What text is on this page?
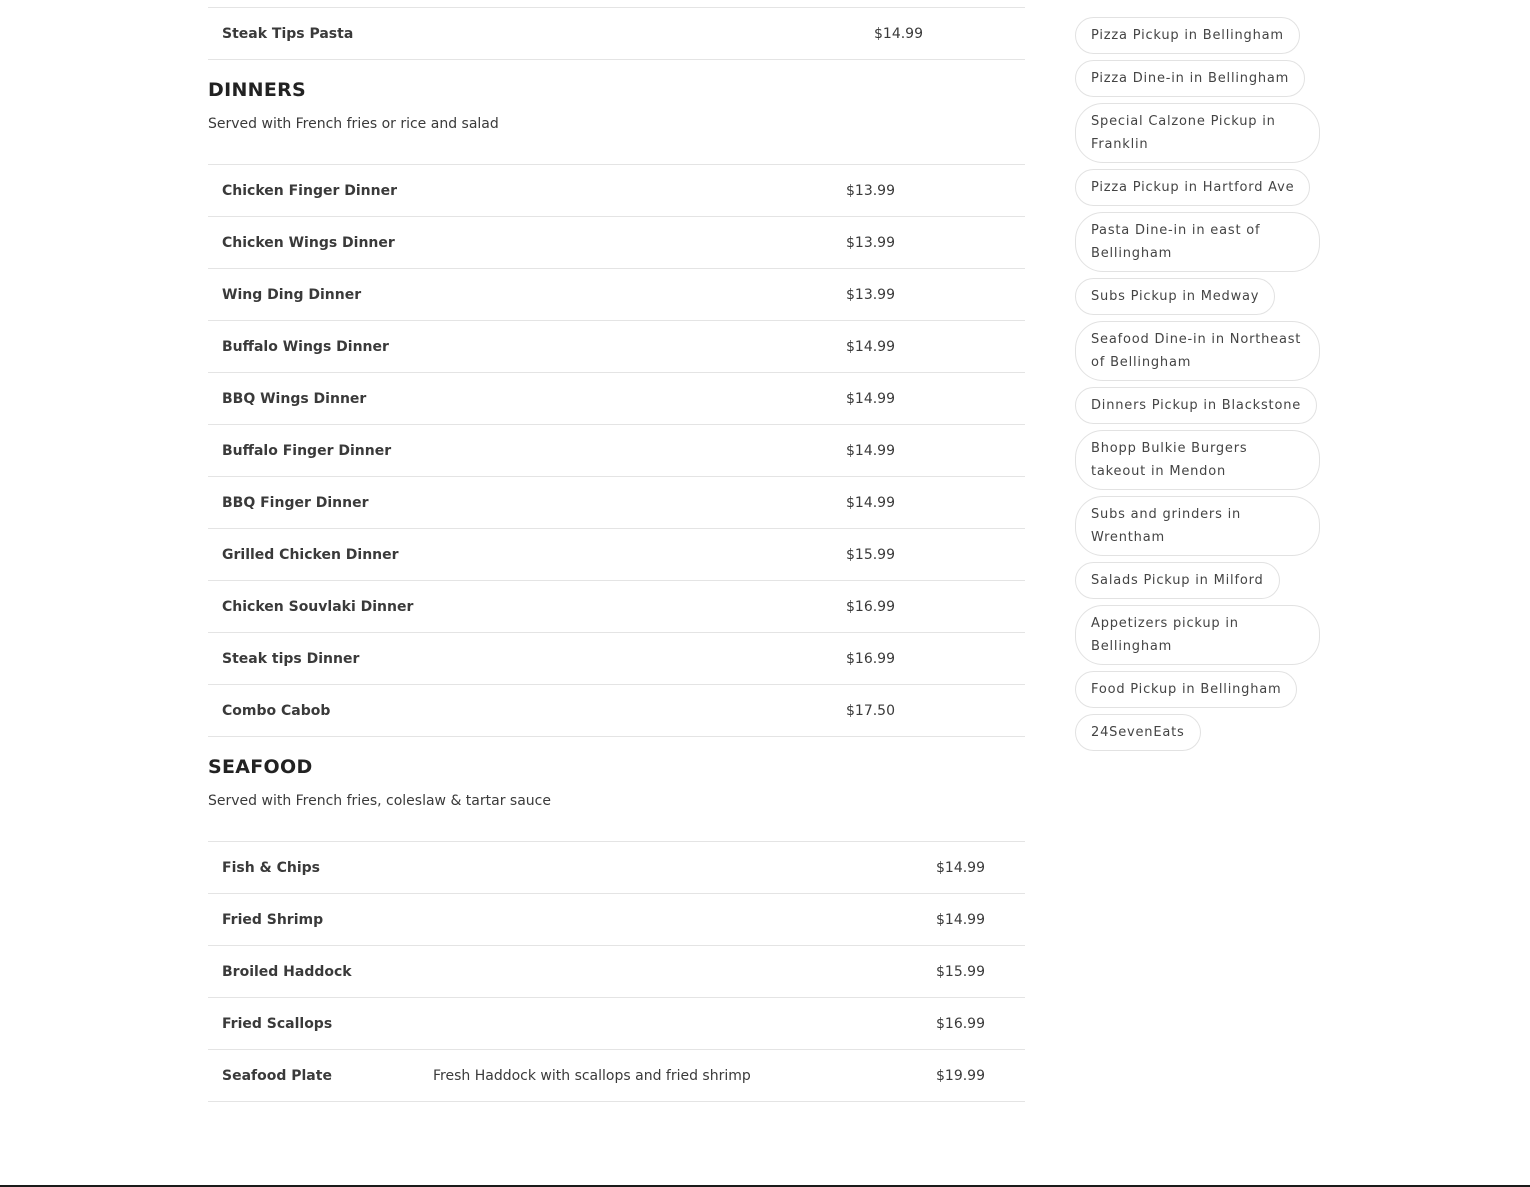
Steak Tips Pasta	$14.99
DINNERS

Served with French fries or rice and salad

Chicken Finger Dinner	$13.99
Chicken Wings Dinner	$13.99
Wing Ding Dinner	$13.99
Buffalo Wings Dinner	$14.99
BBQ Wings Dinner	$14.99
Buffalo Finger Dinner	$14.99
BBQ Finger Dinner	$14.99
Grilled Chicken Dinner	$15.99
Chicken Souvlaki Dinner	$16.99
Steak tips Dinner	$16.99
Combo Cabob	$17.50
SEAFOOD

Served with French fries, coleslaw & tartar sauce

Fish & Chips	$14.99
Fried Shrimp	$14.99
Broiled Haddock	$15.99
Fried Scallops	$16.99
Seafood Plate	Fresh Haddock with scallops and fried shrimp	$19.99
Pizza Pickup in Bellingham
Pizza Dine-in in Bellingham
Special Calzone Pickup in Franklin
Pizza Pickup in Hartford Ave
Pasta Dine-in in east of Bellingham
Subs Pickup in Medway
Seafood Dine-in in Northeast of Bellingham
Dinners Pickup in Blackstone
Bhopp Bulkie Burgers takeout in Mendon
Subs and grinders in Wrentham
Salads Pickup in Milford
Appetizers pickup in Bellingham
Food Pickup in Bellingham
24SevenEats
